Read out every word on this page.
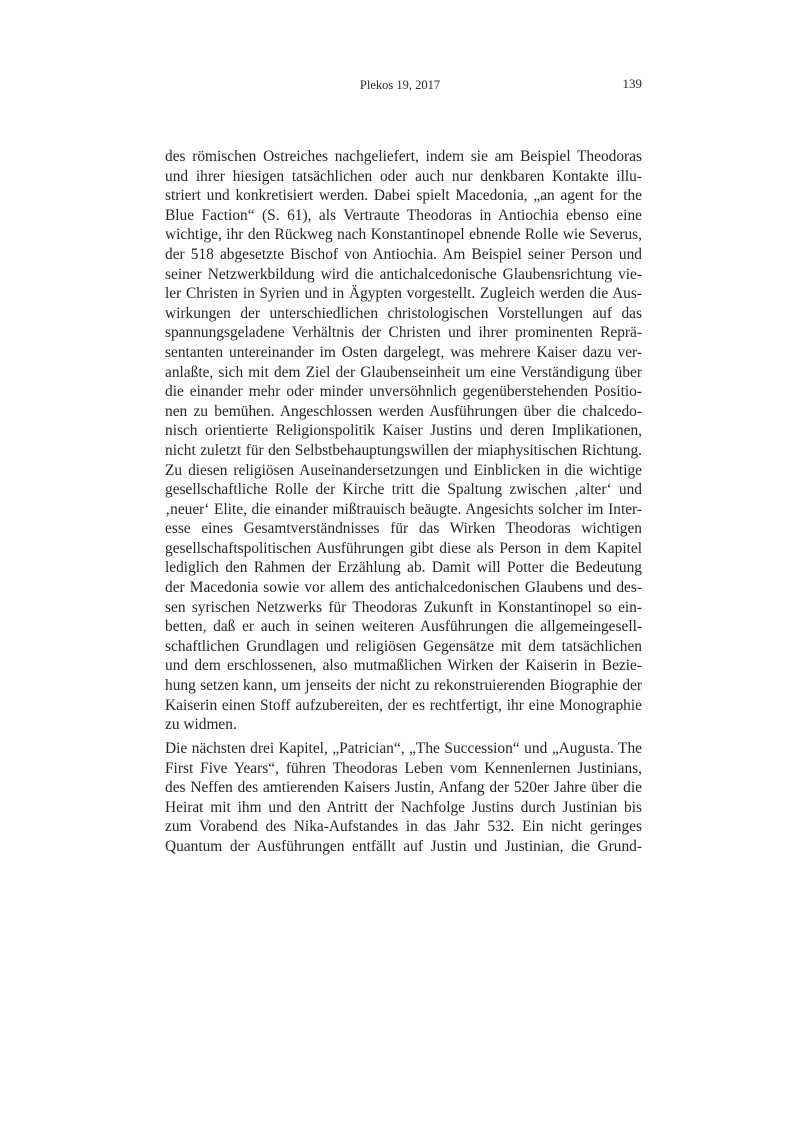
Plekos 19, 2017	139
des römischen Ostreiches nachgeliefert, indem sie am Beispiel Theodoras
und ihrer hiesigen tatsächlichen oder auch nur denkbaren Kontakte illu-
striert und konkretisiert werden. Dabei spielt Macedonia, „an agent for the
Blue Faction“ (S. 61), als Vertraute Theodoras in Antiochia ebenso eine
wichtige, ihr den Rückweg nach Konstantinopel ebnende Rolle wie Severus,
der 518 abgesetzte Bischof von Antiochia. Am Beispiel seiner Person und
seiner Netzwerkbildung wird die antichalcedonische Glaubensrichtung vie-
ler Christen in Syrien und in Ägypten vorgestellt. Zugleich werden die Aus-
wirkungen der unterschiedlichen christologischen Vorstellungen auf das
spannungsgeladene Verhältnis der Christen und ihrer prominenten Reprä-
sentanten untereinander im Osten dargelegt, was mehrere Kaiser dazu ver-
anlaßte, sich mit dem Ziel der Glaubenseinheit um eine Verständigung über
die einander mehr oder minder unversöhnlich gegenüberstehenden Positio-
nen zu bemühen. Angeschlossen werden Ausführungen über die chalcedo-
nisch orientierte Religionspolitik Kaiser Justins und deren Implikationen,
nicht zuletzt für den Selbstbehauptungswillen der miaphysitischen Richtung.
Zu diesen religiösen Auseinandersetzungen und Einblicken in die wichtige
gesellschaftliche Rolle der Kirche tritt die Spaltung zwischen ‚alter‘ und
‚neuer‘ Elite, die einander mißtrauisch beäugte. Angesichts solcher im Inter-
esse eines Gesamtverständnisses für das Wirken Theodoras wichtigen
gesellschaftspolitischen Ausführungen gibt diese als Person in dem Kapitel
lediglich den Rahmen der Erzählung ab. Damit will Potter die Bedeutung
der Macedonia sowie vor allem des antichalcedonischen Glaubens und des-
sen syrischen Netzwerks für Theodoras Zukunft in Konstantinopel so ein-
betten, daß er auch in seinen weiteren Ausführungen die allgemeingesell-
schaftlichen Grundlagen und religiösen Gegensätze mit dem tatsächlichen
und dem erschlossenen, also mutmaßlichen Wirken der Kaiserin in Bezie-
hung setzen kann, um jenseits der nicht zu rekonstruierenden Biographie der
Kaiserin einen Stoff aufzubereiten, der es rechtfertigt, ihr eine Monographie
zu widmen.
Die nächsten drei Kapitel, „Patrician“, „The Succession“ und „Augusta. The
First Five Years“, führen Theodoras Leben vom Kennenlernen Justinians,
des Neffen des amtierenden Kaisers Justin, Anfang der 520er Jahre über die
Heirat mit ihm und den Antritt der Nachfolge Justins durch Justinian bis
zum Vorabend des Nika-Aufstandes in das Jahr 532. Ein nicht geringes
Quantum der Ausführungen entfällt auf Justin und Justinian, die Grund-
